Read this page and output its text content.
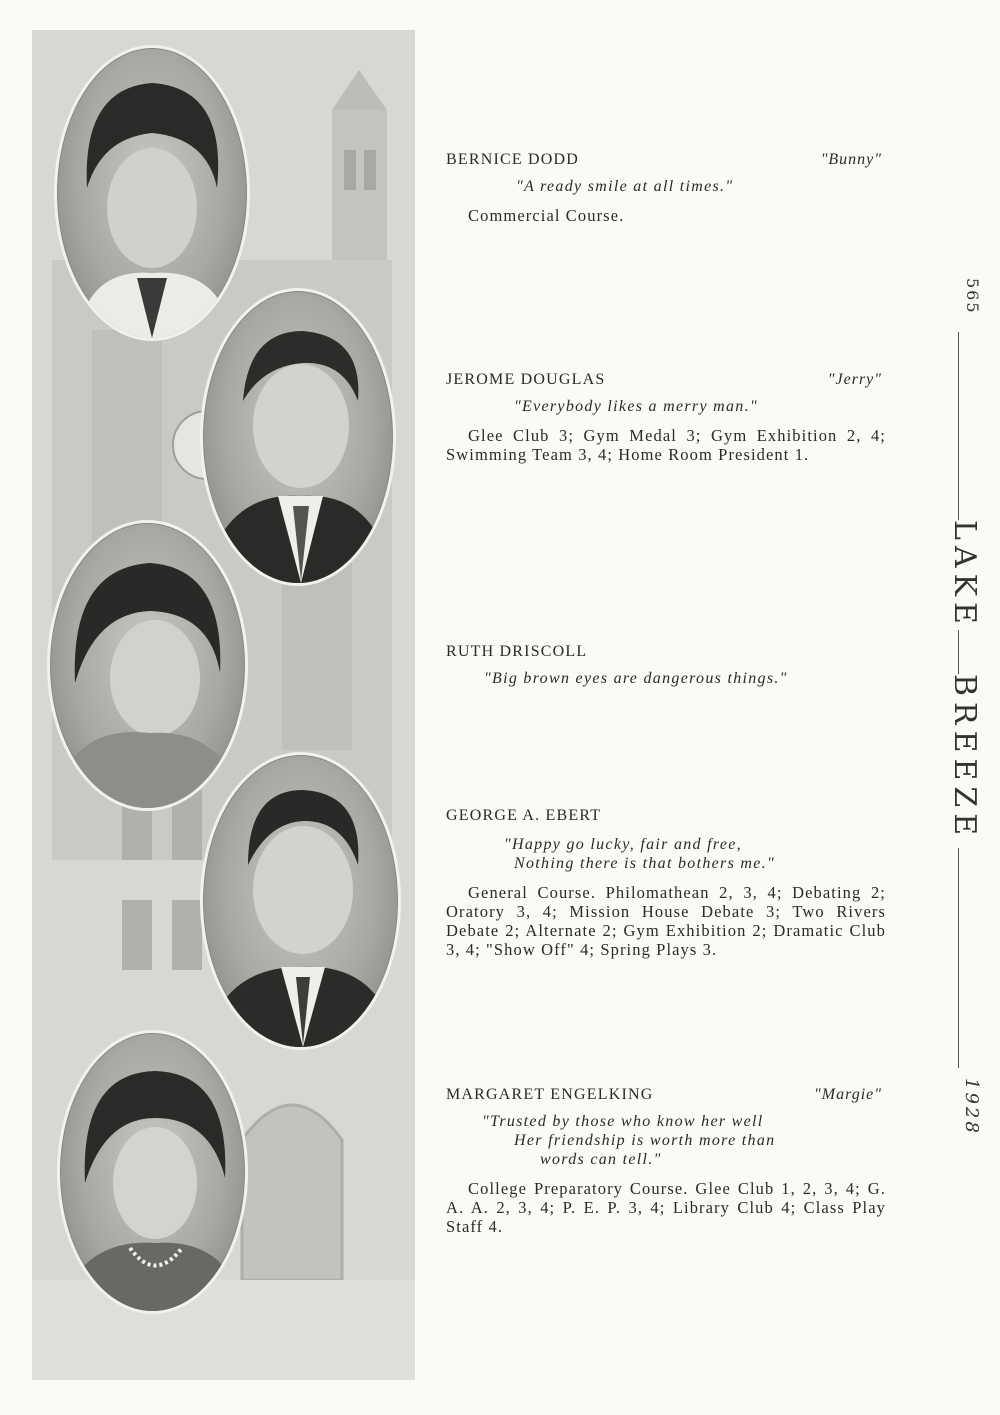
BERNICE DODD	"Bunny"
"A ready smile at all times."
Commercial Course.
JEROME DOUGLAS	"Jerry"
"Everybody likes a merry man."
Glee Club 3; Gym Medal 3; Gym Exhibition 2, 4; Swimming Team 3, 4; Home Room President 1.
RUTH DRISCOLL
"Big brown eyes are dangerous things."
GEORGE A. EBERT
"Happy go lucky, fair and free,
Nothing there is that bothers me."
General Course. Philomathean 2, 3, 4; Debating 2; Oratory 3, 4; Mission House Debate 3; Two Rivers Debate 2; Alternate 2; Gym Exhibition 2; Dramatic Club 3, 4; "Show Off" 4; Spring Plays 3.
MARGARET ENGELKING	"Margie"
"Trusted by those who know her well
Her friendship is worth more than
words can tell."
College Preparatory Course. Glee Club 1, 2, 3, 4; G. A. A. 2, 3, 4; P. E. P. 3, 4; Library Club 4; Class Play Staff 4.
565
LAKE
BREEZE
1928
